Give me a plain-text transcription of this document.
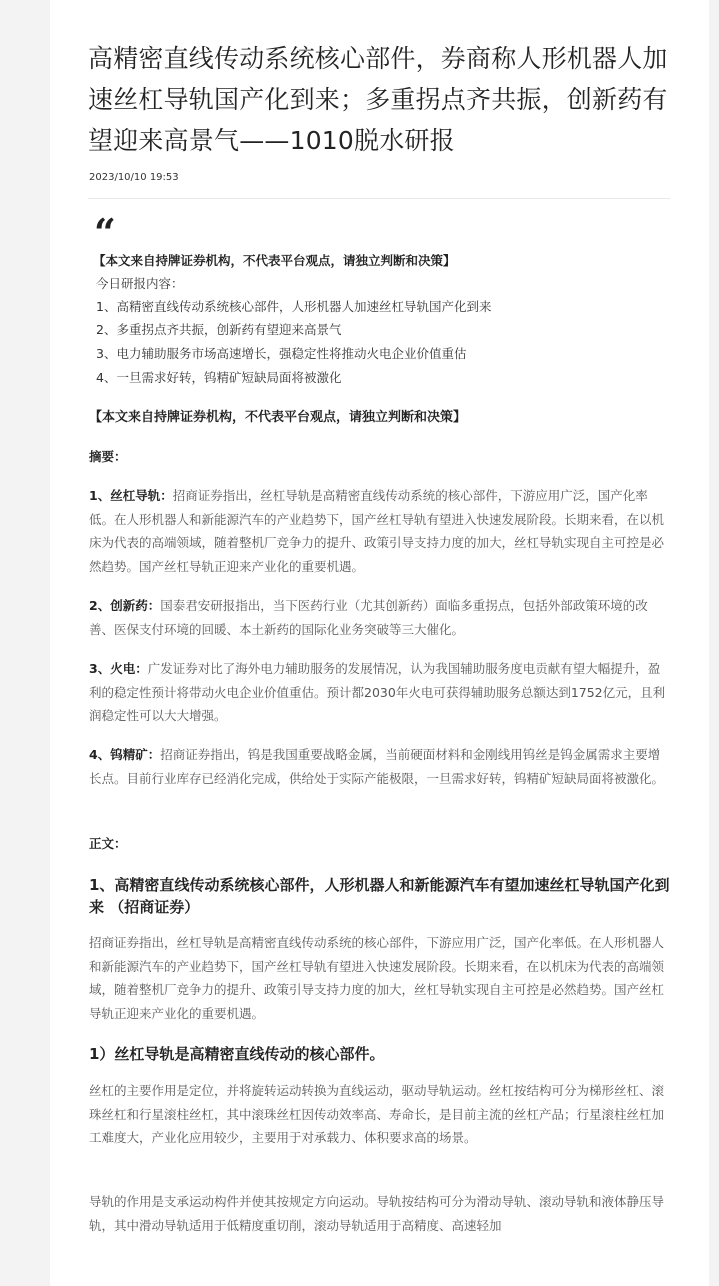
高精密直线传动系统核心部件，券商称人形机器人加速丝杠导轨国产化到来；多重拐点齐共振，创新药有望迎来高景气——1010脱水研报
2023/10/10 19:53
“
【本文来自持牌证券机构，不代表平台观点，请独立判断和决策】
今日研报内容：
1、高精密直线传动系统核心部件，人形机器人加速丝杠导轨国产化到来
2、多重拐点齐共振，创新药有望迎来高景气
3、电力辅助服务市场高速增长，强稳定性将推动火电企业价值重估
4、一旦需求好转，钨精矿短缺局面将被激化
【本文来自持牌证券机构，不代表平台观点，请独立判断和决策】
摘要：

1、丝杠导轨：招商证券指出，丝杠导轨是高精密直线传动系统的核心部件，下游应用广泛，国产化率低。在人形机器人和新能源汽车的产业趋势下，国产丝杠导轨有望进入快速发展阶段。长期来看，在以机床为代表的高端领域，随着整机厂竞争力的提升、政策引导支持力度的加大，丝杠导轨实现自主可控是必然趋势。国产丝杠导轨正迎来产业化的重要机遇。

2、创新药：国泰君安研报指出，当下医药行业（尤其创新药）面临多重拐点，包括外部政策环境的改善、医保支付环境的回暖、本土新药的国际化业务突破等三大催化。

3、火电：广发证券对比了海外电力辅助服务的发展情况，认为我国辅助服务度电贡献有望大幅提升，盈利的稳定性预计将带动火电企业价值重估。预计都2030年火电可获得辅助服务总额达到1752亿元，且利润稳定性可以大大增强。

4、钨精矿：招商证券指出，钨是我国重要战略金属，当前硬面材料和金刚线用钨丝是钨金属需求主要增长点。目前行业库存已经消化完成，供给处于实际产能极限，一旦需求好转，钨精矿短缺局面将被激化。

正文：
1、高精密直线传动系统核心部件，人形机器人和新能源汽车有望加速丝杠导轨国产化到来 （招商证券）

招商证券指出，丝杠导轨是高精密直线传动系统的核心部件，下游应用广泛，国产化率低。在人形机器人和新能源汽车的产业趋势下，国产丝杠导轨有望进入快速发展阶段。长期来看，在以机床为代表的高端领域，随着整机厂竞争力的提升、政策引导支持力度的加大，丝杠导轨实现自主可控是必然趋势。国产丝杠导轨正迎来产业化的重要机遇。

1）丝杠导轨是高精密直线传动的核心部件。

丝杠的主要作用是定位，并将旋转运动转换为直线运动，驱动导轨运动。丝杠按结构可分为梯形丝杠、滚珠丝杠和行星滚柱丝杠，其中滚珠丝杠因传动效率高、寿命长，是目前主流的丝杠产品；行星滚柱丝杠加工难度大，产业化应用较少，主要用于对承载力、体积要求高的场景。

导轨的作用是支承运动构件并使其按规定方向运动。导轨按结构可分为滑动导轨、滚动导轨和液体静压导轨，其中滑动导轨适用于低精度重切削，滚动导轨适用于高精度、高速轻加
